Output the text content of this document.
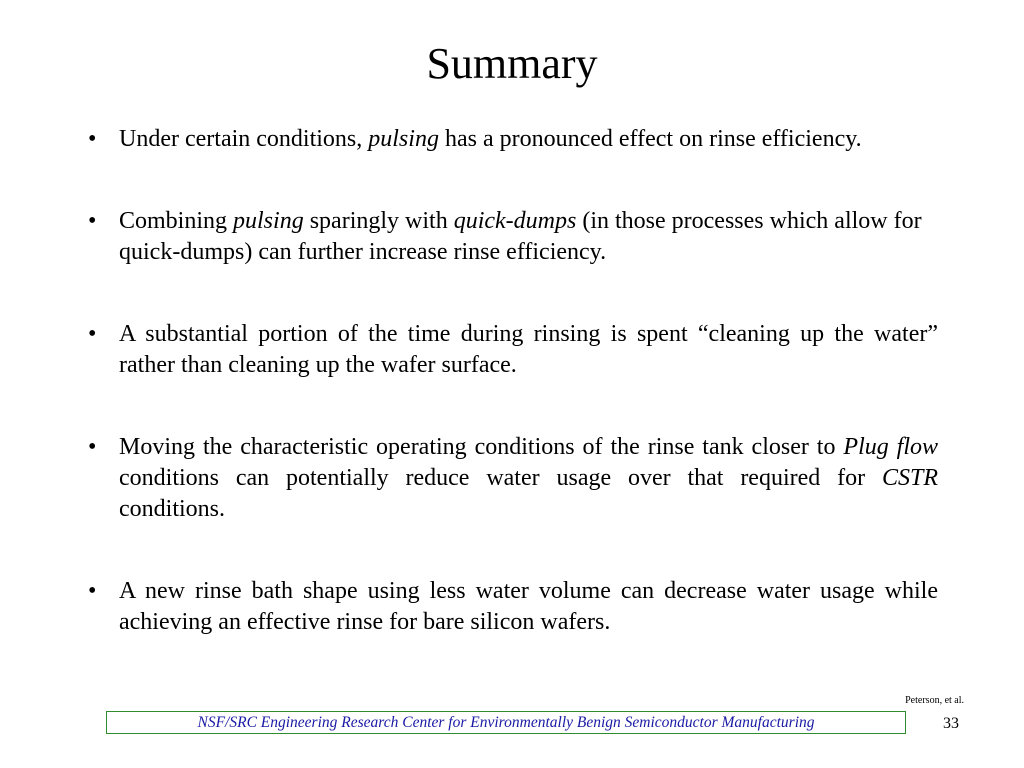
Summary
• Under certain conditions, pulsing has a pronounced effect on rinse efficiency.
• Combining pulsing sparingly with quick-dumps (in those processes which allow for quick-dumps) can further increase rinse efficiency.
• A substantial portion of the time during rinsing is spent “cleaning up the water” rather than cleaning up the wafer surface.
• Moving the characteristic operating conditions of the rinse tank closer to Plug flow conditions can potentially reduce water usage over that required for CSTR conditions.
• A new rinse bath shape using less water volume can decrease water usage while achieving an effective rinse for bare silicon wafers.
Peterson, et al.
NSF/SRC Engineering Research Center for Environmentally Benign Semiconductor Manufacturing	33
